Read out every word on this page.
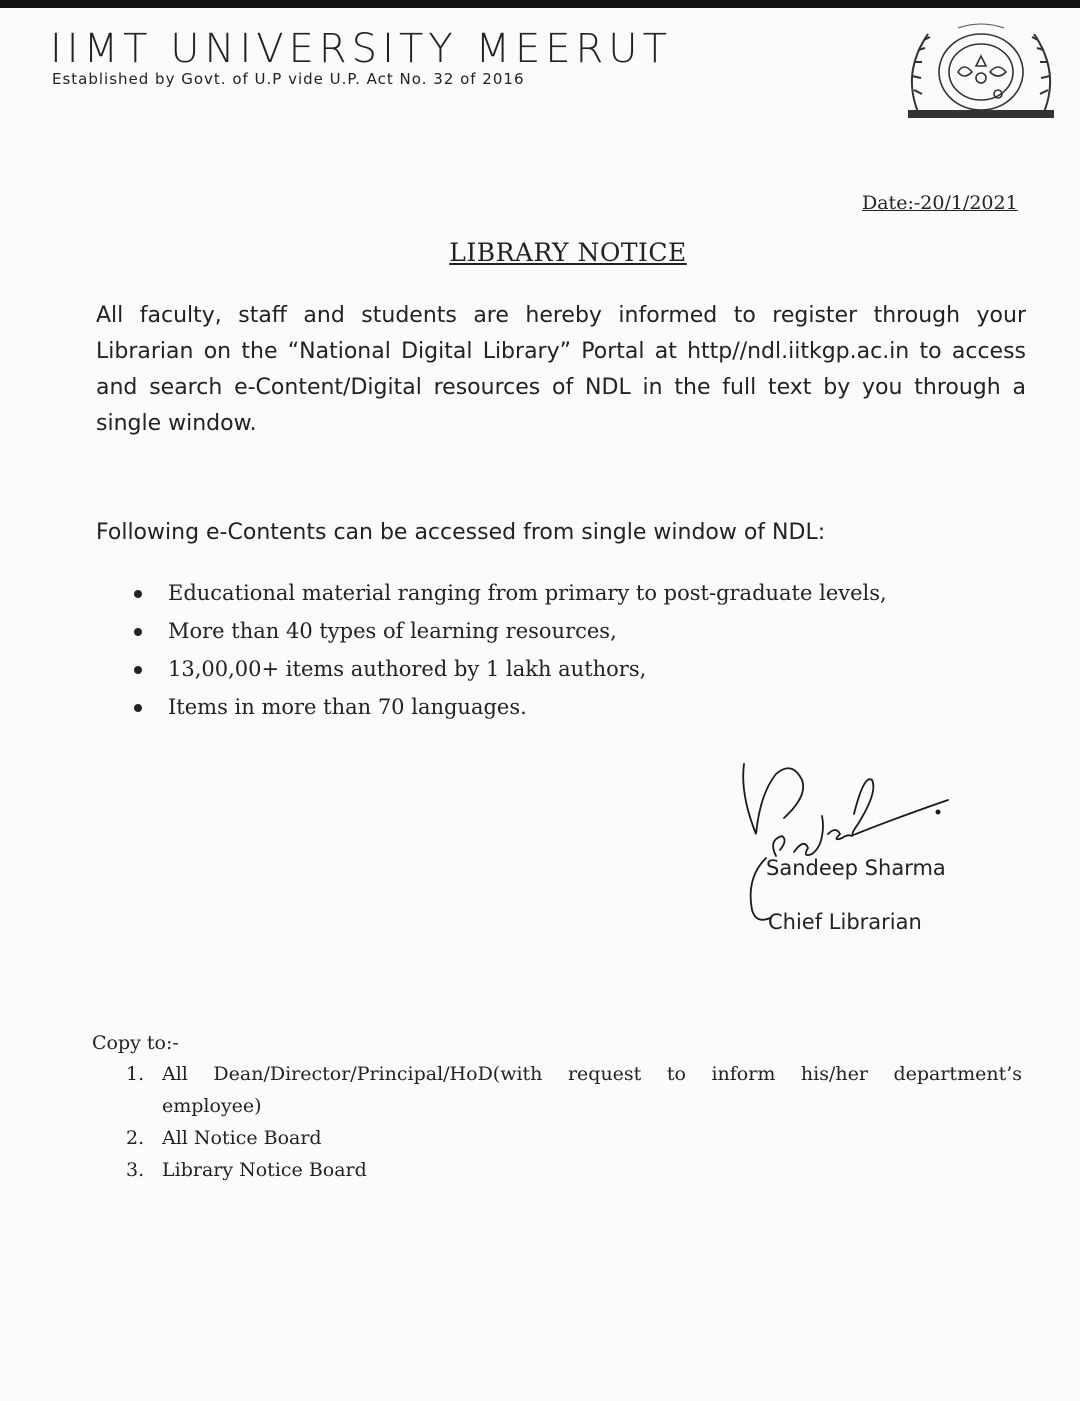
IIMT UNIVERSITY MEERUT
Established by Govt. of U.P vide U.P. Act No. 32 of 2016
Date:-20/1/2021
LIBRARY NOTICE

All faculty, staff and students are hereby informed to register through your Librarian on the “National Digital Library” Portal at http//ndl.iitkgp.ac.in to access and search e-Content/Digital resources of NDL in the full text by you through a single window.

Following e-Contents can be accessed from single window of NDL:
Educational material ranging from primary to post-graduate levels,
More than 40 types of learning resources,
13,00,00+ items authored by 1 lakh authors,
Items in more than 70 languages.
Sandeep Sharma
Chief Librarian
Copy to:-
1. All Dean/Director/Principal/HoD(with request to inform his/her department’s employee)
2. All Notice Board
3. Library Notice Board
